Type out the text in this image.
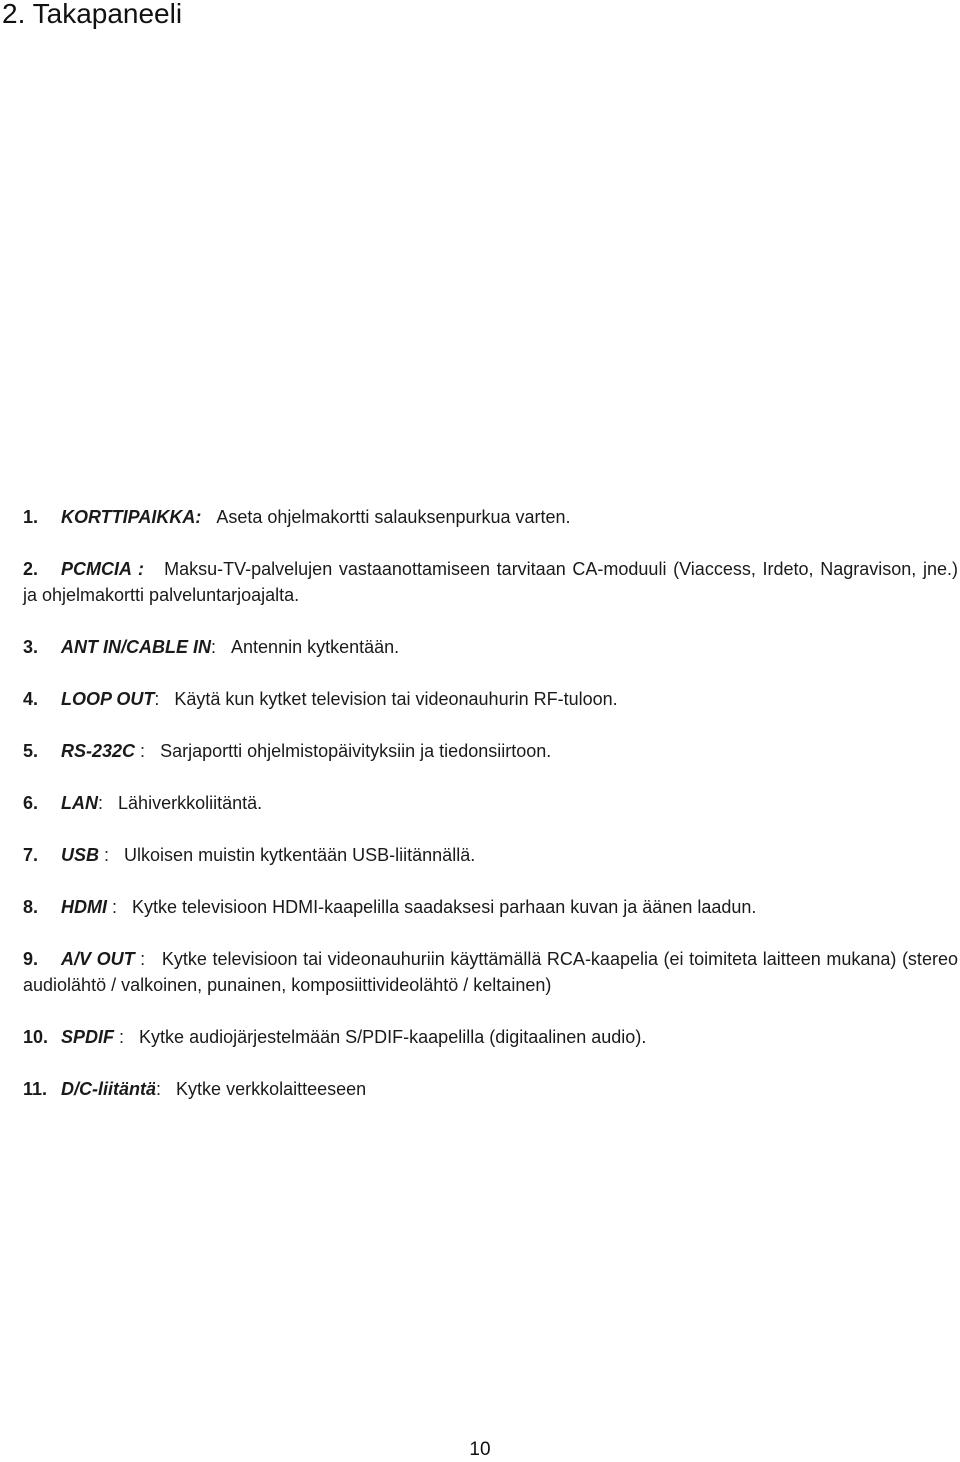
2. Takapaneeli
1. KORTTIPAIKKA: Aseta ohjelmakortti salauksenpurkua varten.
2. PCMCIA : Maksu-TV-palvelujen vastaanottamiseen tarvitaan CA-moduuli (Viaccess, Irdeto, Nagravison, jne.) ja ohjelmakortti palveluntarjoajalta.
3. ANT IN/CABLE IN: Antennin kytkentään.
4. LOOP OUT: Käytä kun kytket television tai videonauhurin RF-tuloon.
5. RS-232C : Sarjaportti ohjelmistopäivityksiin ja tiedonsiirtoon.
6. LAN: Lähiverkkoliitäntä.
7. USB : Ulkoisen muistin kytkentään USB-liitännällä.
8. HDMI : Kytke televisioon HDMI-kaapelilla saadaksesi parhaan kuvan ja äänen laadun.
9. A/V OUT : Kytke televisioon tai videonauhuriin käyttämällä RCA-kaapelia (ei toimiteta laitteen mukana) (stereo audiolähtö / valkoinen, punainen, komposiittivideolähtö / keltainen)
10. SPDIF : Kytke audiojärjestelmään S/PDIF-kaapelilla (digitaalinen audio).
11. D/C-liitäntä: Kytke verkkolaitteeseen
10
